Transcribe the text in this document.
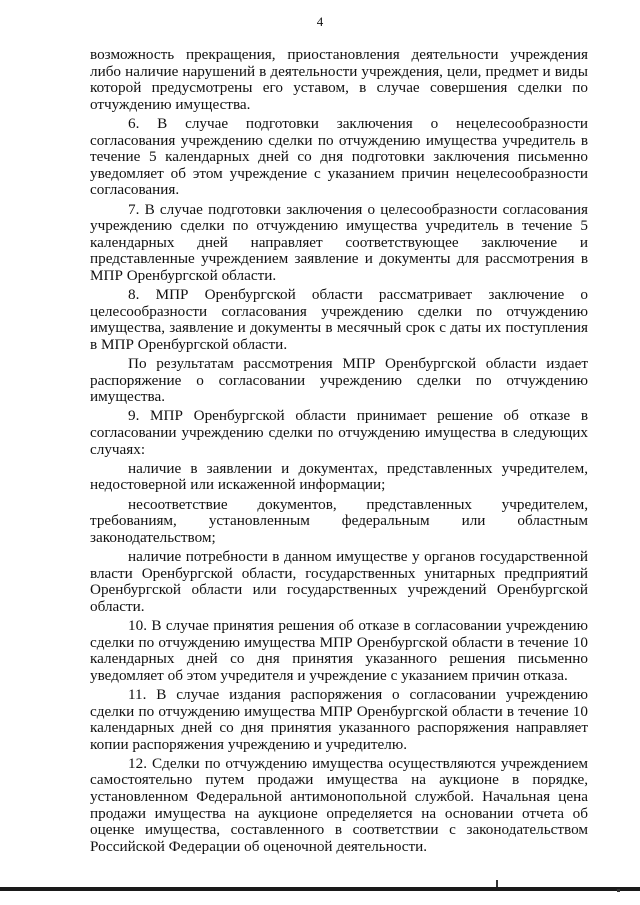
4

возможность прекращения, приостановления деятельности учреждения либо наличие нарушений в деятельности учреждения, цели, предмет и виды которой предусмотрены его уставом, в случае совершения сделки по отчуждению имущества.

6. В случае подготовки заключения о нецелесообразности согласования учреждению сделки по отчуждению имущества учредитель в течение 5 календарных дней со дня подготовки заключения письменно уведомляет об этом учреждение с указанием причин нецелесообразности согласования.

7. В случае подготовки заключения о целесообразности согласования учреждению сделки по отчуждению имущества учредитель в течение 5 календарных дней направляет соответствующее заключение и представленные учреждением заявление и документы для рассмотрения в МПР Оренбургской области.

8. МПР Оренбургской области рассматривает заключение о целесообразности согласования учреждению сделки по отчуждению имущества, заявление и документы в месячный срок с даты их поступления в МПР Оренбургской области.

По результатам рассмотрения МПР Оренбургской области издает распоряжение о согласовании учреждению сделки по отчуждению имущества.

9. МПР Оренбургской области принимает решение об отказе в согласовании учреждению сделки по отчуждению имущества в следующих случаях:

наличие в заявлении и документах, представленных учредителем, недостоверной или искаженной информации;

несоответствие документов, представленных учредителем, требованиям, установленным федеральным или областным законодательством;

наличие потребности в данном имуществе у органов государственной власти Оренбургской области, государственных унитарных предприятий Оренбургской области или государственных учреждений Оренбургской области.

10. В случае принятия решения об отказе в согласовании учреждению сделки по отчуждению имущества МПР Оренбургской области в течение 10 календарных дней со дня принятия указанного решения письменно уведомляет об этом учредителя и учреждение с указанием причин отказа.

11. В случае издания распоряжения о согласовании учреждению сделки по отчуждению имущества МПР Оренбургской области в течение 10 календарных дней со дня принятия указанного распоряжения направляет копии распоряжения учреждению и учредителю.

12. Сделки по отчуждению имущества осуществляются учреждением самостоятельно путем продажи имущества на аукционе в порядке, установленном Федеральной антимонопольной службой. Начальная цена продажи имущества на аукционе определяется на основании отчета об оценке имущества, составленного в соответствии с законодательством Российской Федерации об оценочной деятельности.
